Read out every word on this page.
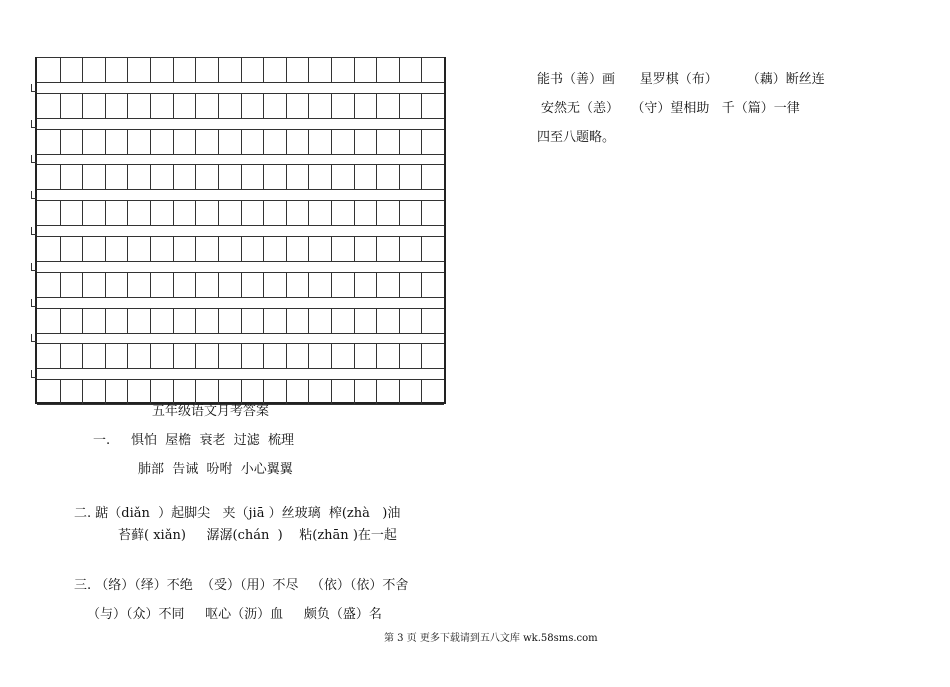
能书（善）画      星罗棋（布）       （藕）断丝连
安然无（恙）   （守）望相助   千（篇）一律
四至八题略。
五年级语文月考答案
一. 惧怕  屋檐  衰老  过滤  梳理
肺部  告诫  吩咐  小心翼翼
二. 踮（diǎn  ）起脚尖   夹（jiā ）丝玻璃  榨(zhà   )油
苔藓( xiǎn)     潺潺(chán  )    粘(zhān )在一起
三. （络）（绎）不绝  （受）（用）不尽   （依）（依）不舍
（与）（众）不同     呕心（沥）血     颇负（盛）名
第 3 页 更多下载请到五八文库 wk.58sms.com
